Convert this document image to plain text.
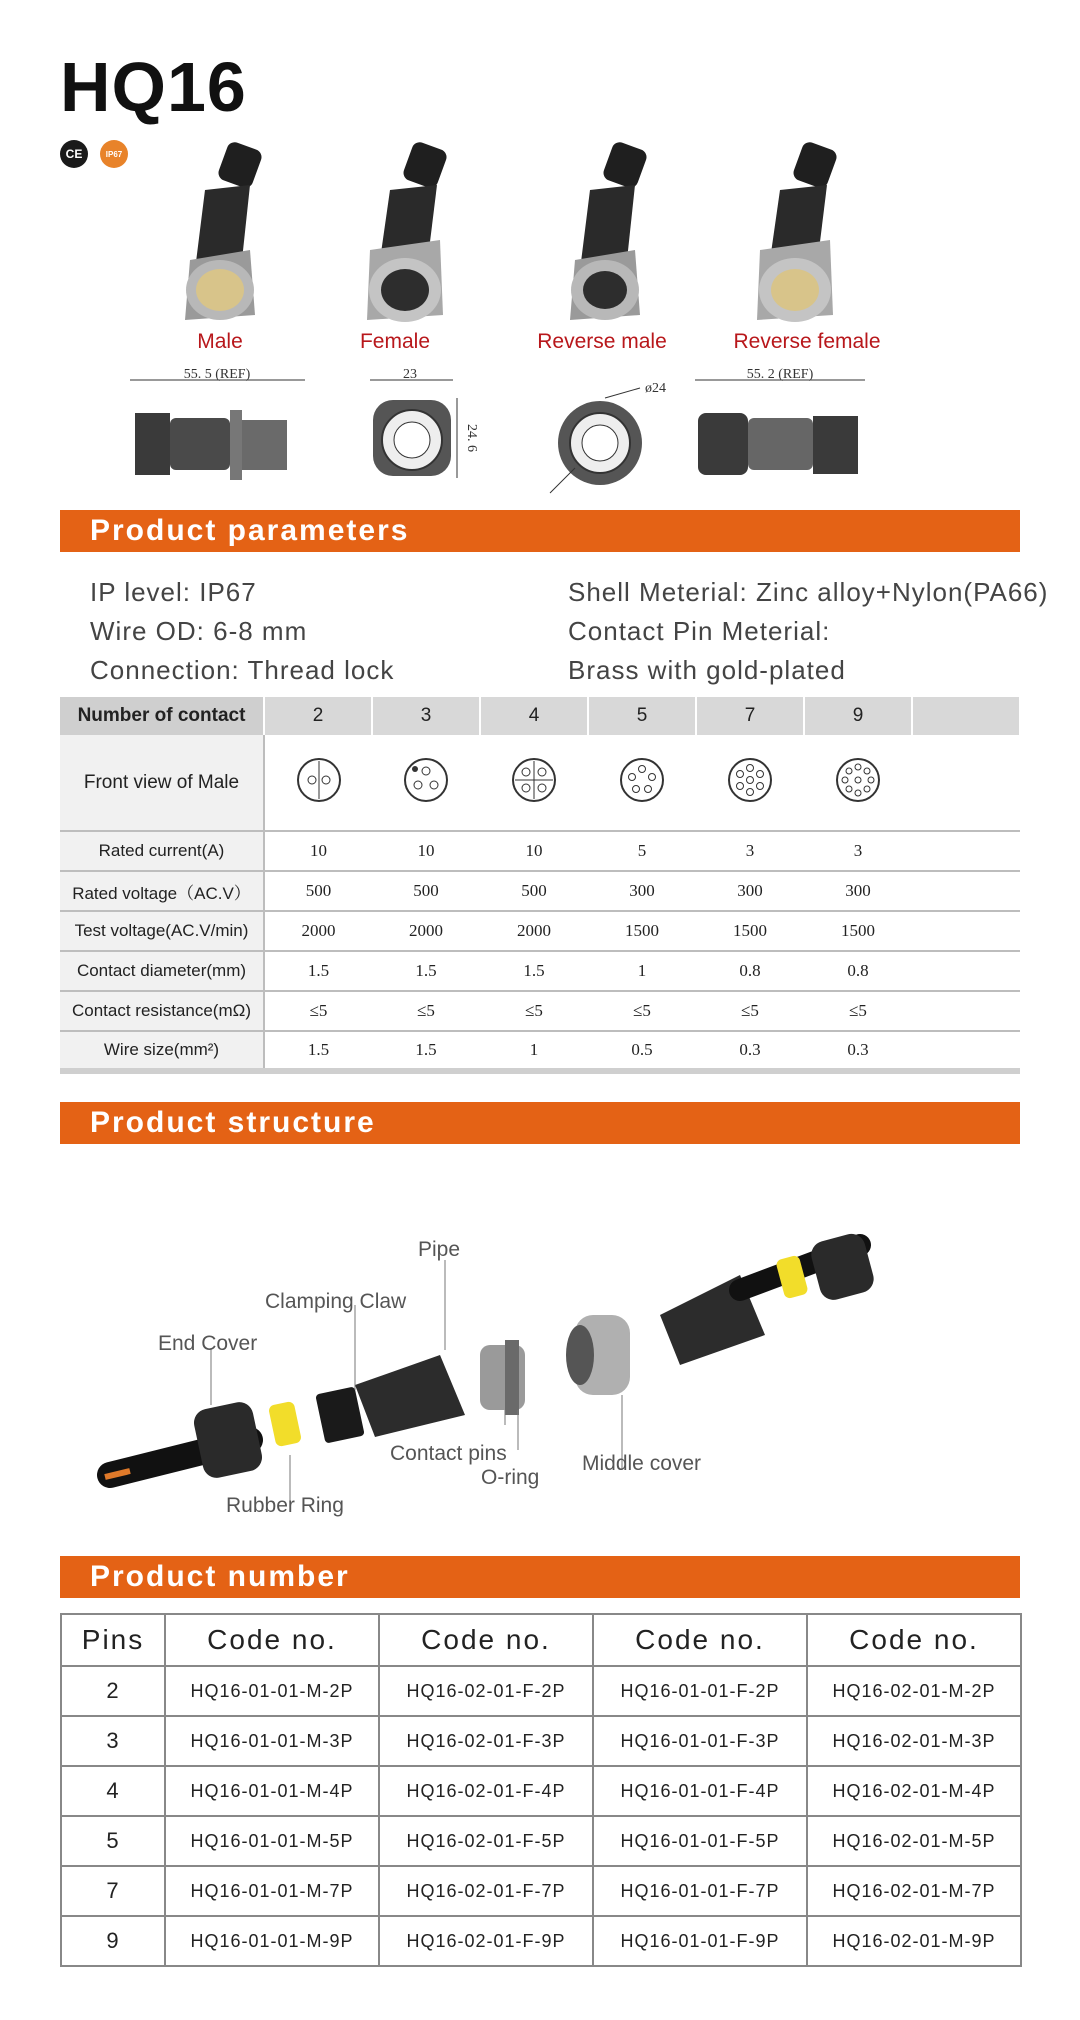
HQ16
CE	IP67
Male	Female	Reverse male	Reverse female
55. 5 (REF)	23
24. 6
ø24
55. 2 (REF)
Product parameters
IP level: IP67
Wire OD: 6-8 mm
Connection: Thread lock
Shell Meterial: Zinc alloy+Nylon(PA66)
Contact Pin Meterial:
Brass with gold-plated
Number of contact	2	3	4	5	7	9	
Front view of Male							
Rated current(A)	10	10	10	5	3	3	
Rated voltage（AC.V）	500	500	500	300	300	300	
Test voltage(AC.V/min)	2000	2000	2000	1500	1500	1500	
Contact diameter(mm)	1.5	1.5	1.5	1	0.8	0.8	
Contact resistance(mΩ)	≤5	≤5	≤5	≤5	≤5	≤5	
Wire size(mm²)	1.5	1.5	1	0.5	0.3	0.3	
Product structure
Pipe
Clamping Claw
End Cover
Contact pins
O-ring
Middle cover
Rubber Ring
Product number
Pins	Code no.	Code no.	Code no.	Code no.
2	HQ16-01-01-M-2P	HQ16-02-01-F-2P	HQ16-01-01-F-2P	HQ16-02-01-M-2P
3	HQ16-01-01-M-3P	HQ16-02-01-F-3P	HQ16-01-01-F-3P	HQ16-02-01-M-3P
4	HQ16-01-01-M-4P	HQ16-02-01-F-4P	HQ16-01-01-F-4P	HQ16-02-01-M-4P
5	HQ16-01-01-M-5P	HQ16-02-01-F-5P	HQ16-01-01-F-5P	HQ16-02-01-M-5P
7	HQ16-01-01-M-7P	HQ16-02-01-F-7P	HQ16-01-01-F-7P	HQ16-02-01-M-7P
9	HQ16-01-01-M-9P	HQ16-02-01-F-9P	HQ16-01-01-F-9P	HQ16-02-01-M-9P
